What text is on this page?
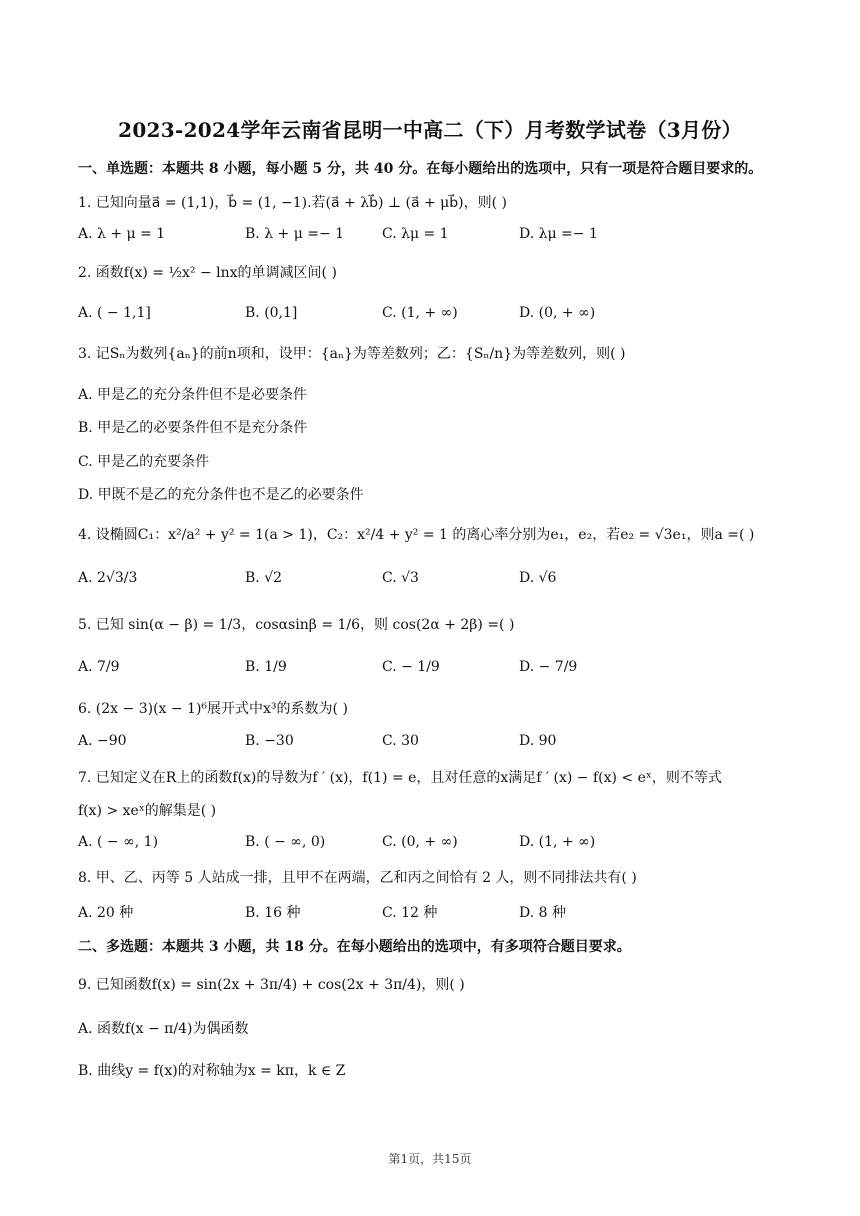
2023-2024学年云南省昆明一中高二（下）月考数学试卷（3月份）
一、单选题：本题共 8 小题，每小题 5 分，共 40 分。在每小题给出的选项中，只有一项是符合题目要求的。
1. 已知向量a⃗ = (1,1)，b⃗ = (1, −1).若(a⃗ + λb⃗) ⊥ (a⃗ + μb⃗)，则( )
A. λ + μ = 1	B. λ + μ =− 1	C. λμ = 1	D. λμ =− 1
2. 函数f(x) = ½x² − lnx的单调减区间( )
A. ( − 1,1]	B. (0,1]	C. (1, + ∞)	D. (0, + ∞)
3. 记Sₙ为数列{aₙ}的前n项和，设甲：{aₙ}为等差数列；乙：{Sₙ/n}为等差数列，则( )
A. 甲是乙的充分条件但不是必要条件
B. 甲是乙的必要条件但不是充分条件
C. 甲是乙的充要条件
D. 甲既不是乙的充分条件也不是乙的必要条件
4. 设椭圆C₁：x²/a² + y² = 1(a > 1)，C₂：x²/4 + y² = 1 的离心率分别为e₁，e₂，若e₂ = √3e₁，则a =( )
A. 2√3/3	B. √2	C. √3	D. √6
5. 已知 sin(α − β) = 1/3，cosαsinβ = 1/6，则 cos(2α + 2β) =( )
A. 7/9	B. 1/9	C. − 1/9	D. − 7/9
6. (2x − 3)(x − 1)⁶展开式中x³的系数为( )
A. −90	B. −30	C. 30	D. 90
7. 已知定义在R上的函数f(x)的导数为f ′ (x)，f(1) = e，且对任意的x满足f ′ (x) − f(x) < eˣ，则不等式
f(x) > xeˣ的解集是( )
A. ( − ∞, 1)	B. ( − ∞, 0)	C. (0, + ∞)	D. (1, + ∞)
8. 甲、乙、丙等 5 人站成一排，且甲不在两端，乙和丙之间恰有 2 人，则不同排法共有( )
A. 20 种	B. 16 种	C. 12 种	D. 8 种
二、多选题：本题共 3 小题，共 18 分。在每小题给出的选项中，有多项符合题目要求。
9. 已知函数f(x) = sin(2x + 3π/4) + cos(2x + 3π/4)，则( )
A. 函数f(x − π/4)为偶函数
B. 曲线y = f(x)的对称轴为x = kπ，k ∈ Z
第1页，共15页
